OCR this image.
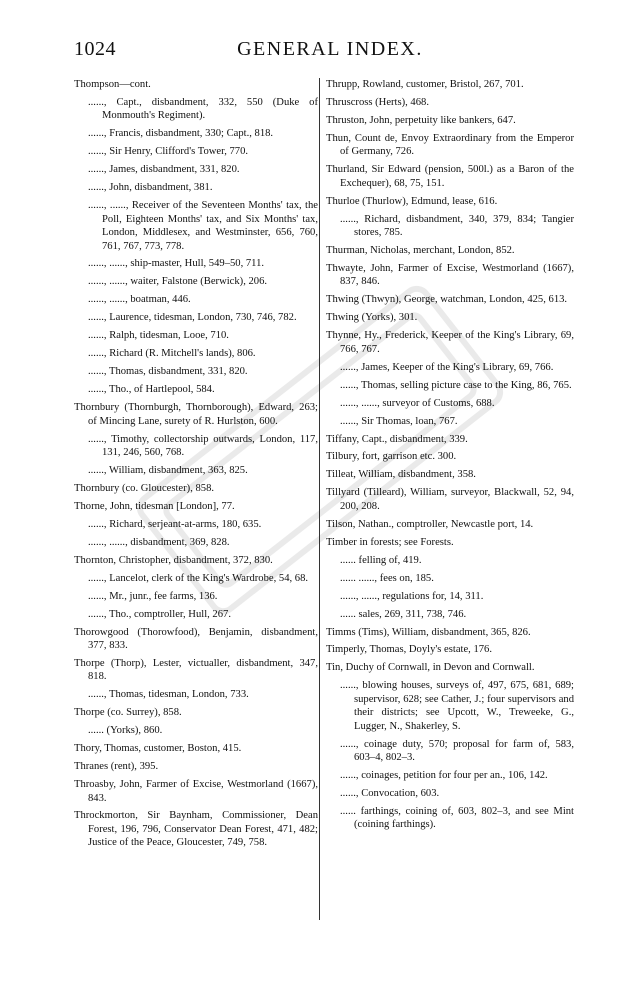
1024	GENERAL INDEX.

Thompson—cont.

......, Capt., disbandment, 332, 550 (Duke of Monmouth's Regiment).

......, Francis, disbandment, 330; Capt., 818.

......, Sir Henry, Clifford's Tower, 770.

......, James, disbandment, 331, 820.

......, John, disbandment, 381.

......, ......, Receiver of the Seventeen Months' tax, the Poll, Eighteen Months' tax, and Six Months' tax, London, Middlesex, and Westminster, 656, 760, 761, 767, 773, 778.

......, ......, ship-master, Hull, 549–50, 711.

......, ......, waiter, Falstone (Berwick), 206.

......, ......, boatman, 446.

......, Laurence, tidesman, London, 730, 746, 782.

......, Ralph, tidesman, Looe, 710.

......, Richard (R. Mitchell's lands), 806.

......, Thomas, disbandment, 331, 820.

......, Tho., of Hartlepool, 584.

Thornbury (Thornburgh, Thornborough), Edward, 263; of Mincing Lane, surety of R. Hurlston, 600.

......, Timothy, collectorship outwards, London, 117, 131, 246, 560, 768.

......, William, disbandment, 363, 825.

Thornbury (co. Gloucester), 858.

Thorne, John, tidesman [London], 77.

......, Richard, serjeant-at-arms, 180, 635.

......, ......, disbandment, 369, 828.

Thornton, Christopher, disbandment, 372, 830.

......, Lancelot, clerk of the King's Wardrobe, 54, 68.

......, Mr., junr., fee farms, 136.

......, Tho., comptroller, Hull, 267.

Thorowgood (Thorowfood), Benjamin, disbandment, 377, 833.

Thorpe (Thorp), Lester, victualler, disbandment, 347, 818.

......, Thomas, tidesman, London, 733.

Thorpe (co. Surrey), 858.

...... (Yorks), 860.

Thory, Thomas, customer, Boston, 415.

Thranes (rent), 395.

Throasby, John, Farmer of Excise, Westmorland (1667), 843.

Throckmorton, Sir Baynham, Commissioner, Dean Forest, 196, 796, Conservator Dean Forest, 471, 482; Justice of the Peace, Gloucester, 749, 758.

Thrupp, Rowland, customer, Bristol, 267, 701.

Thruscross (Herts), 468.

Thruston, John, perpetuity like bankers, 647.

Thun, Count de, Envoy Extraordinary from the Emperor of Germany, 726.

Thurland, Sir Edward (pension, 500l.) as a Baron of the Exchequer), 68, 75, 151.

Thurloe (Thurlow), Edmund, lease, 616.

......, Richard, disbandment, 340, 379, 834; Tangier stores, 785.

Thurman, Nicholas, merchant, London, 852.

Thwayte, John, Farmer of Excise, Westmorland (1667), 837, 846.

Thwing (Thwyn), George, watchman, London, 425, 613.

Thwing (Yorks), 301.

Thynne, Hy., Frederick, Keeper of the King's Library, 69, 766, 767.

......, James, Keeper of the King's Library, 69, 766.

......, Thomas, selling picture case to the King, 86, 765.

......, ......, surveyor of Customs, 688.

......, Sir Thomas, loan, 767.

Tiffany, Capt., disbandment, 339.

Tilbury, fort, garrison etc. 300.

Tilleat, William, disbandment, 358.

Tillyard (Tilleard), William, surveyor, Blackwall, 52, 94, 200, 208.

Tilson, Nathan., comptroller, Newcastle port, 14.

Timber in forests; see Forests.

...... felling of, 419.

...... ......, fees on, 185.

......, ......, regulations for, 14, 311.

...... sales, 269, 311, 738, 746.

Timms (Tims), William, disbandment, 365, 826.

Timperly, Thomas, Doyly's estate, 176.

Tin, Duchy of Cornwall, in Devon and Cornwall.

......, blowing houses, surveys of, 497, 675, 681, 689; supervisor, 628; see Cather, J.; four supervisors and their districts; see Upcott, W., Treweeke, G., Lugger, N., Shakerley, S.

......, coinage duty, 570; proposal for farm of, 583, 603–4, 802–3.

......, coinages, petition for four per an., 106, 142.

......, Convocation, 603.

...... farthings, coining of, 603, 802–3, and see Mint (coining farthings).
